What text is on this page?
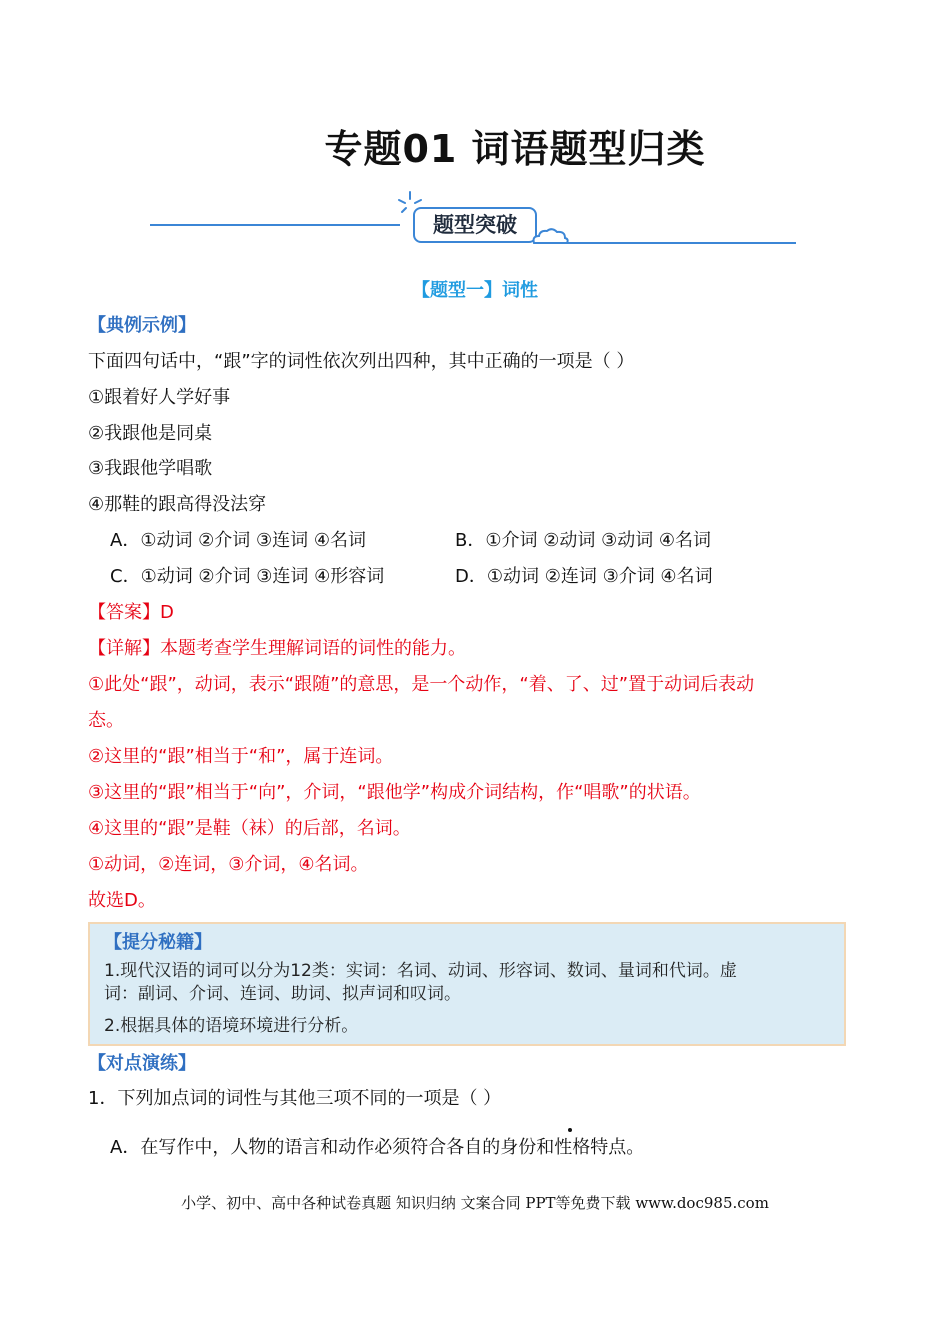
专题01 词语题型归类
题型突破
【题型一】词性
【典例示例】
下面四句话中，“跟”字的词性依次列出四种，其中正确的一项是（ ）
①跟着好人学好事
②我跟他是同桌
③我跟他学唱歌
④那鞋的跟高得没法穿
A．①动词 ②介词 ③连词 ④名词	B．①介词 ②动词 ③动词 ④名词
C．①动词 ②介词 ③连词 ④形容词	D．①动词 ②连词 ③介词 ④名词
【答案】D
【详解】本题考查学生理解词语的词性的能力。
①此处“跟”，动词，表示“跟随”的意思，是一个动作，“着、了、过”置于动词后表动
态。
②这里的“跟”相当于“和”，属于连词。
③这里的“跟”相当于“向”，介词，“跟他学”构成介词结构，作“唱歌”的状语。
④这里的“跟”是鞋（袜）的后部，名词。
①动词，②连词，③介词，④名词。
故选D。
【提分秘籍】
1.现代汉语的词可以分为12类：实词：名词、动词、形容词、数词、量词和代词。虚
词：副词、介词、连词、助词、拟声词和叹词。
2.根据具体的语境环境进行分析。
【对点演练】
1．下列加点词的词性与其他三项不同的一项是（ ）
A．在写作中，人物的语言和动作必须符合各自的身份和性格特点。
小学、初中、高中各种试卷真题 知识归纳 文案合同 PPT等免费下载 www.doc985.com
